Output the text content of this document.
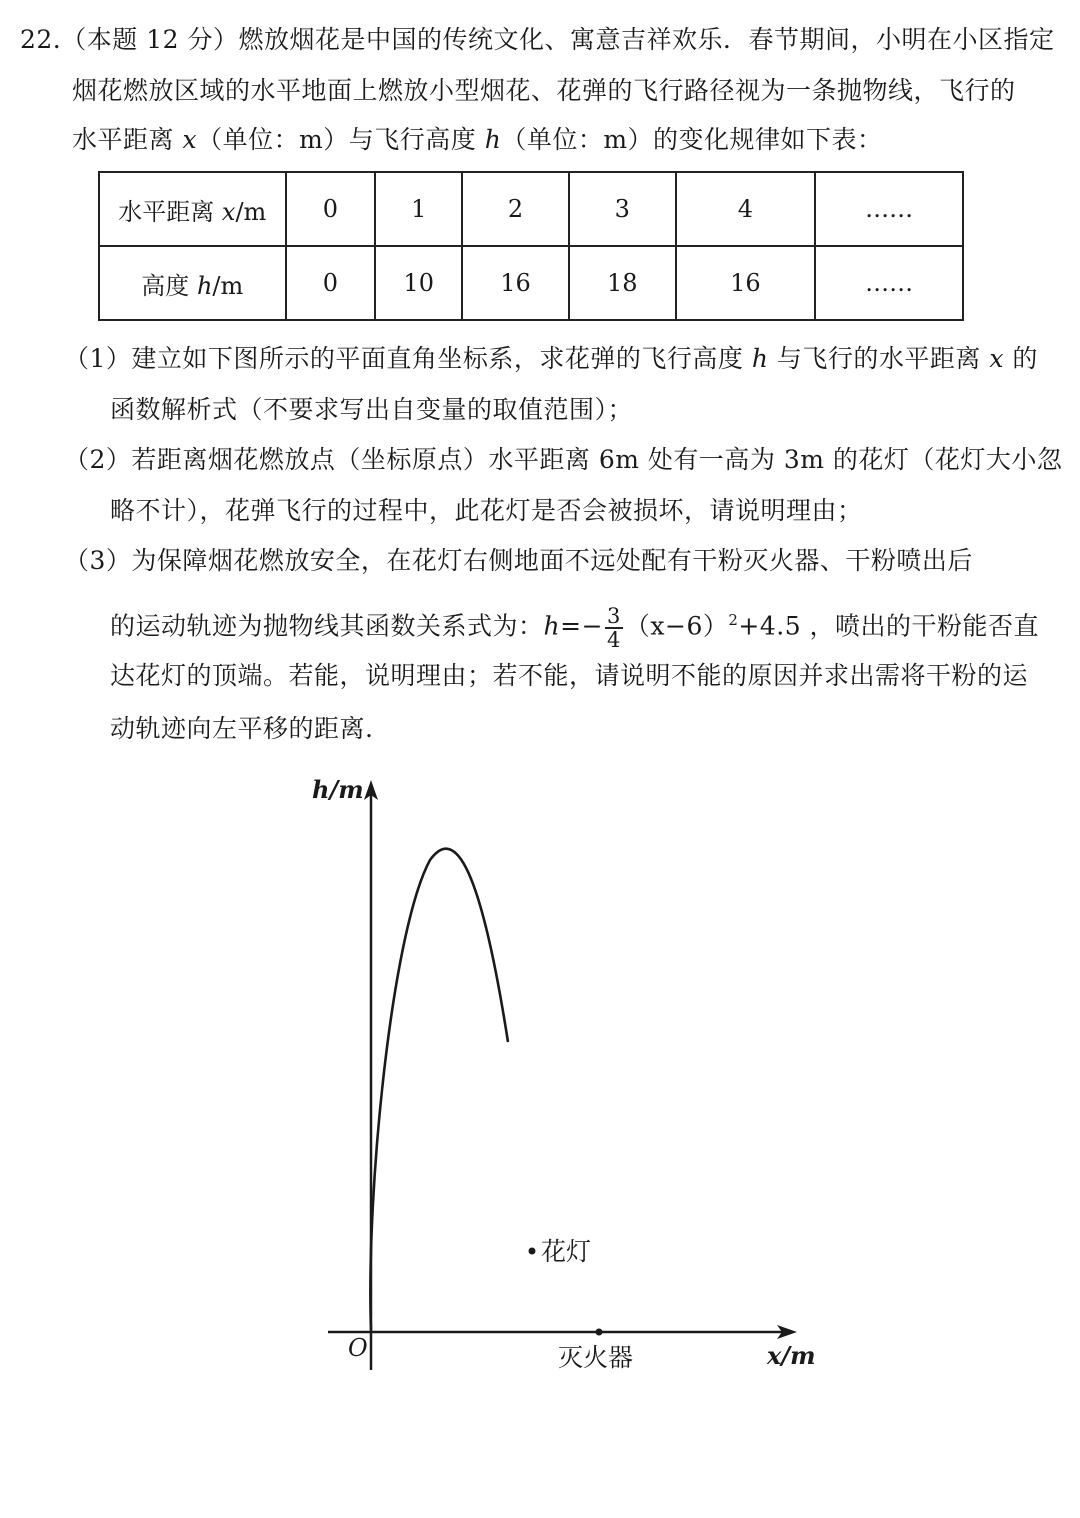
22.（本题 12 分）燃放烟花是中国的传统文化、寓意吉祥欢乐．春节期间，小明在小区指定
烟花燃放区域的水平地面上燃放小型烟花、花弹的飞行路径视为一条抛物线，飞行的
水平距离 x（单位：m）与飞行高度 h（单位：m）的变化规律如下表：
水平距离 x/m	0	1	2	3	4	……
高度 h/m	0	10	16	18	16	……
（1）建立如下图所示的平面直角坐标系，求花弹的飞行高度 h 与飞行的水平距离 x 的
函数解析式（不要求写出自变量的取值范围）；
（2）若距离烟花燃放点（坐标原点）水平距离 6m 处有一高为 3m 的花灯（花灯大小忽
略不计），花弹飞行的过程中，此花灯是否会被损坏，请说明理由；
（3）为保障烟花燃放安全，在花灯右侧地面不远处配有干粉灭火器、干粉喷出后
的运动轨迹为抛物线其函数关系式为：$h=- \frac{3}{4} (x-6)^2+4.5$ ，喷出的干粉能否直
达花灯的顶端。若能，说明理由；若不能，请说明不能的原因并求出需将干粉的运
动轨迹向左平移的距离.
花灯
灭火器
h/m
x/m
O
